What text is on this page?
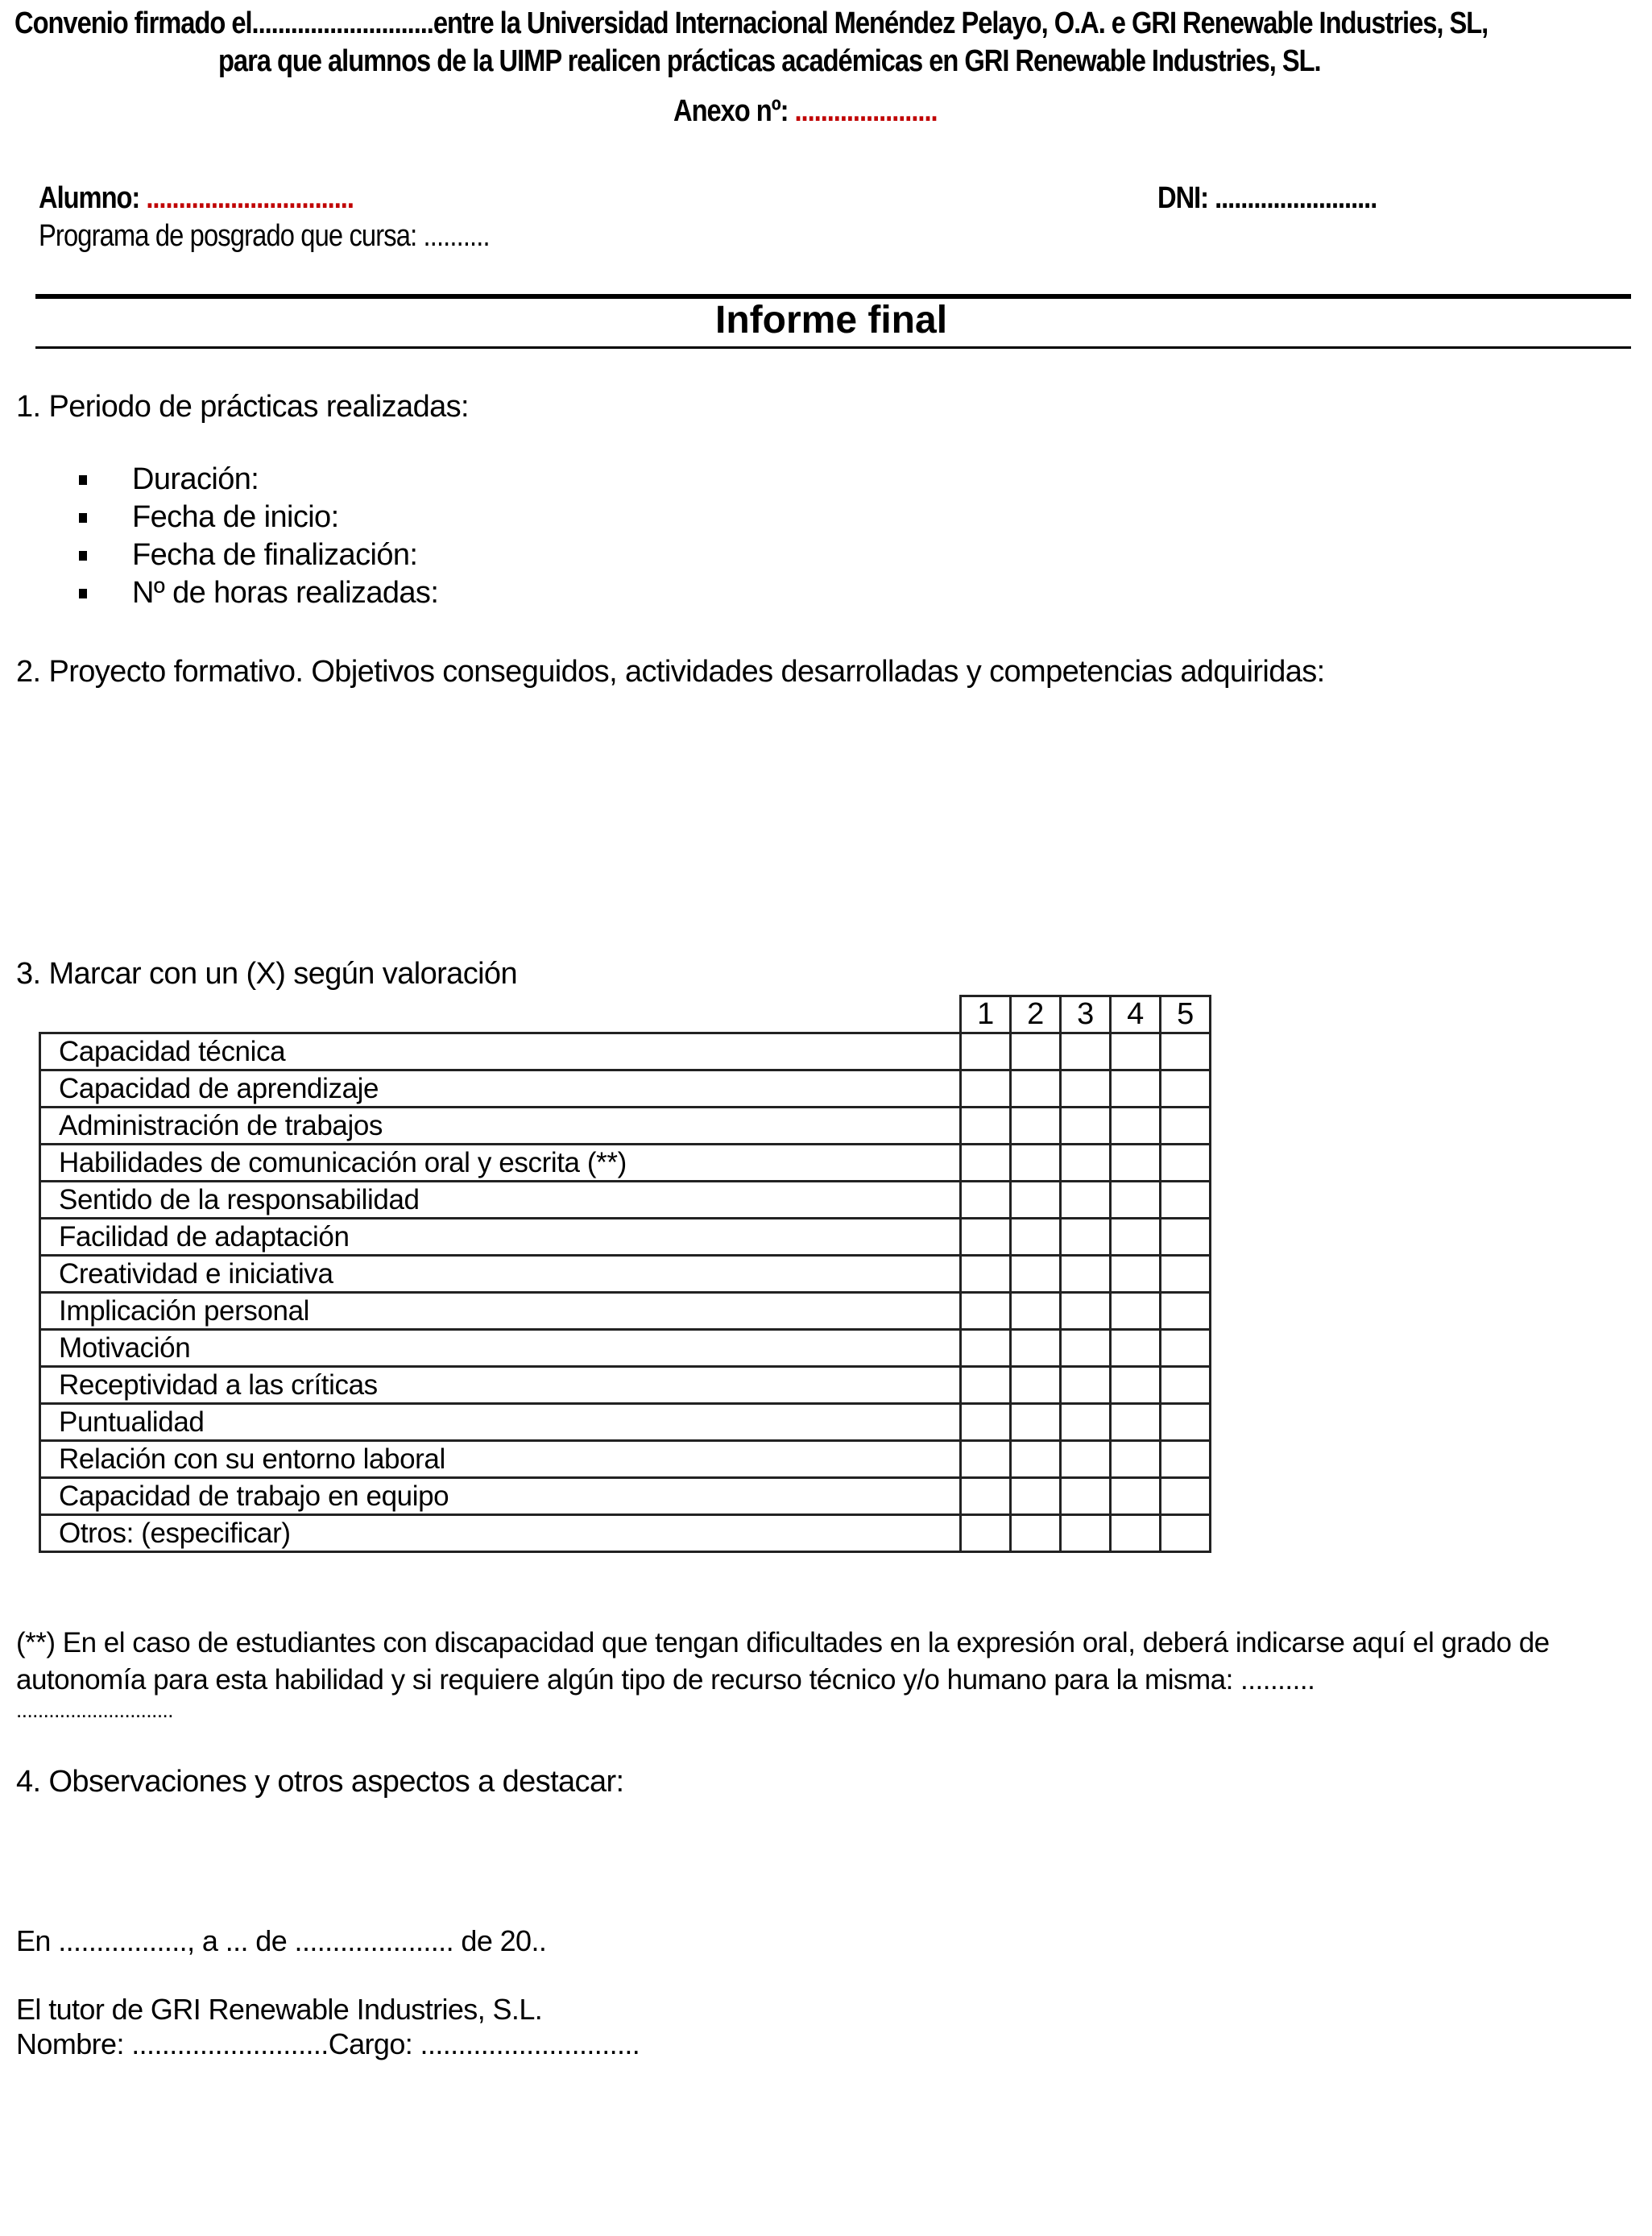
Convenio firmado el............................entre la Universidad Internacional Menéndez Pelayo, O.A. e GRI Renewable Industries, SL,
para que alumnos de la UIMP realicen prácticas académicas en GRI Renewable Industries, SL.
Anexo nº: ......................
Alumno: ................................	DNI: .........................
Programa de posgrado que cursa: ..........
Informe final
1. Periodo de prácticas realizadas:
Duración:
Fecha de inicio:
Fecha de finalización:
Nº de horas realizadas:
2. Proyecto formativo. Objetivos conseguidos, actividades desarrolladas y competencias adquiridas:
3. Marcar con un (X) según valoración
	1	2	3	4	5
Capacidad técnica					
Capacidad de aprendizaje					
Administración de trabajos					
Habilidades de comunicación oral y escrita (**)					
Sentido de la responsabilidad					
Facilidad de adaptación					
Creatividad e iniciativa					
Implicación personal					
Motivación					
Receptividad a las críticas					
Puntualidad					
Relación con su entorno laboral					
Capacidad de trabajo en equipo					
Otros: (especificar)					
(**) En el caso de estudiantes con discapacidad que tengan dificultades en la expresión oral, deberá indicarse aquí el grado de
autonomía para esta habilidad y si requiere algún tipo de recurso técnico y/o humano para la misma: ..........
.............................
4. Observaciones y otros aspectos a destacar:
En ................., a ... de ..................... de 20..
El tutor de GRI Renewable Industries, S.L.
Nombre: ..........................Cargo: .............................
